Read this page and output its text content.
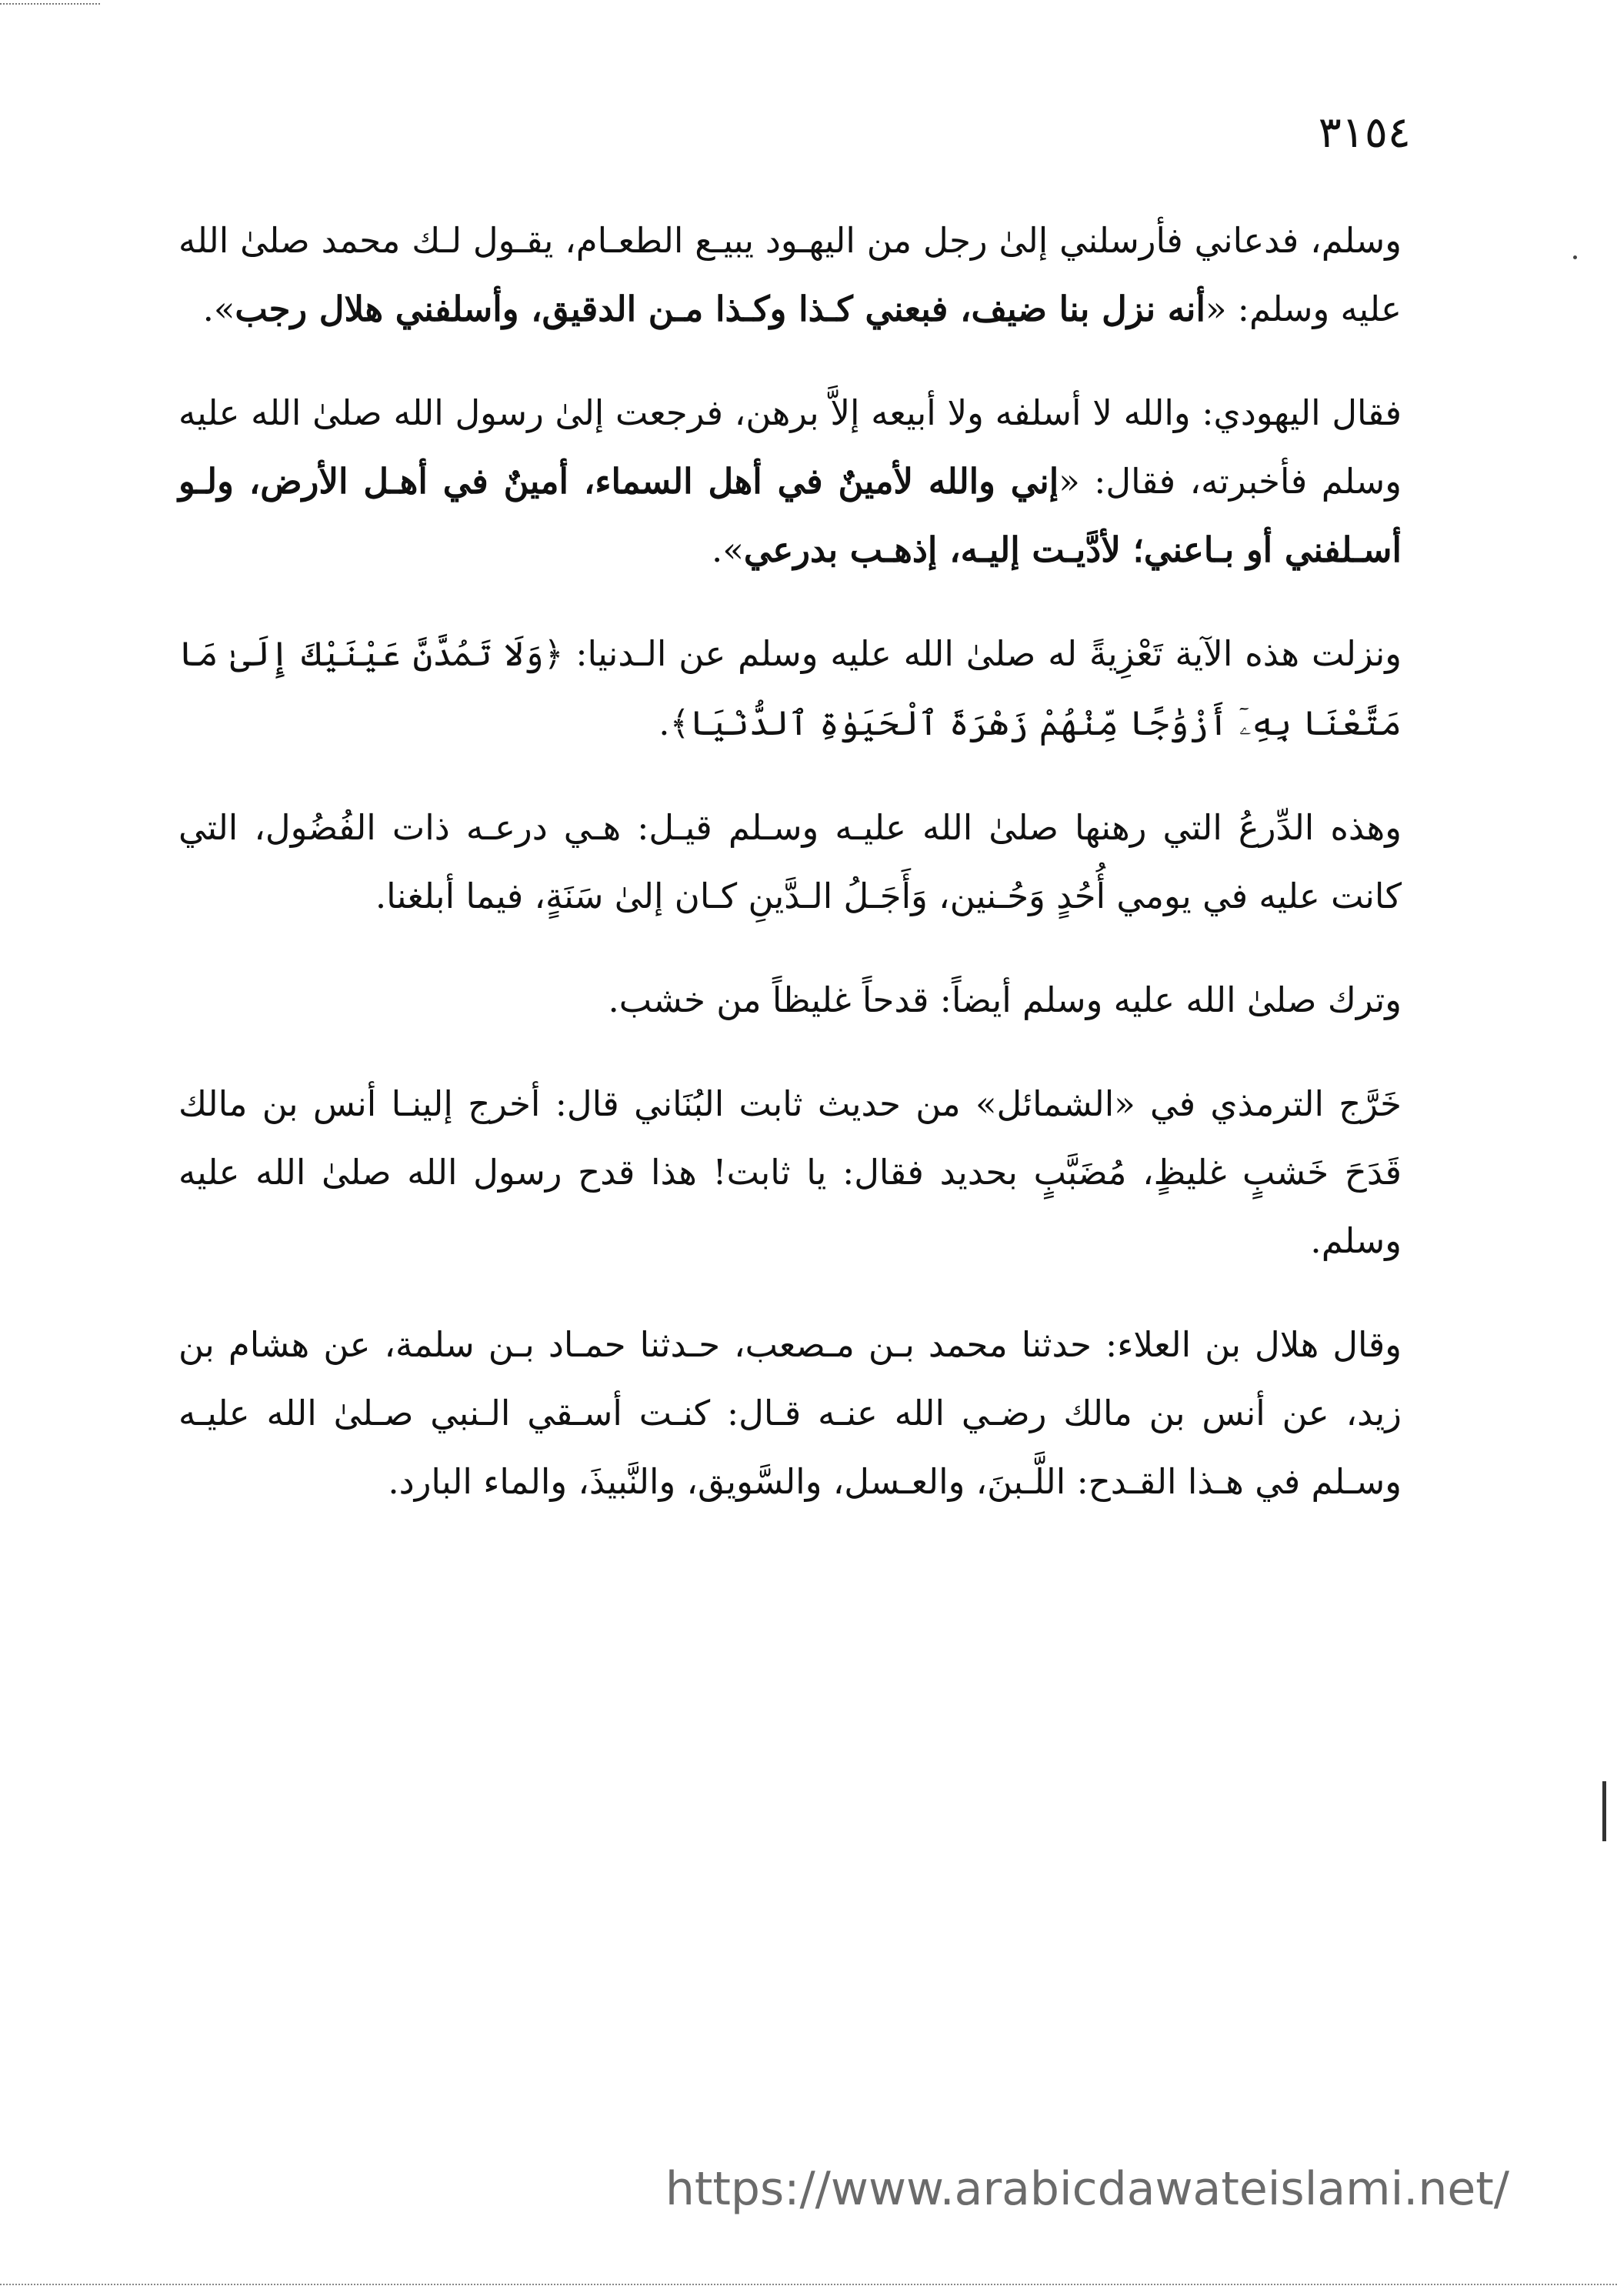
٣١٥٤

وسلم، فدعاني فأرسلني إلىٰ رجل من اليهـود يبيـع الطعـام، يقـول لـك محمد صلىٰ الله عليه وسلم: «أنه نزل بنا ضيف، فبعني كـذا وكـذا مـن الدقيق، وأسلفني هلال رجب».

فقال اليهودي: والله لا أسلفه ولا أبيعه إلاَّ برهن، فرجعت إلىٰ رسول الله صلىٰ الله عليه وسلم فأخبرته، فقال: «إني والله لأمينٌ في أهل السماء، أمينٌ في أهـل الأرض، ولـو أسـلفني أو بـاعني؛ لأدَّيـت إليـه، إذهـب بدرعي».

ونزلت هذه الآية تَعْزِيةً له صلىٰ الله عليه وسلم عن الـدنيا: ﴿وَلَا تَمُدَّنَّ عَيْنَيْكَ إِلَىٰ مَا مَتَّعْنَا بِهِۦٓ أَزْوَٰجًا مِّنْهُمْ زَهْرَةَ ٱلْحَيَوٰةِ ٱلدُّنْيَا﴾.

وهذه الدِّرعُ التي رهنها صلىٰ الله عليـه وسـلم قيـل: هـي درعـه ذات الفُضُول، التي كانت عليه في يومي أُحُدٍ وَحُـنين، وَأَجَـلُ الـدَّينِ كـان إلىٰ سَنَةٍ، فيما أبلغنا.

وترك صلىٰ الله عليه وسلم أيضاً: قدحاً غليظاً من خشب.

خَرَّج الترمذي في «الشمائل» من حديث ثابت البُنَاني قال: أخرج إلينـا أنس بن مالك قَدَحَ خَشبٍ غليظٍ، مُضَبَّبٍ بحديد فقال: يا ثابت! هذا قدح رسول الله صلىٰ الله عليه وسلم.

وقال هلال بن العلاء: حدثنا محمد بـن مـصعب، حـدثنا حمـاد بـن سلمة، عن هشام بن زيد، عن أنس بن مالك رضـي الله عنـه قـال: كنـت أسـقي الـنبي صـلىٰ الله عليـه وسـلم في هـذا القـدح: اللَّـبنَ، والعـسل، والسَّويق، والنَّبيذَ، والماء البارد.

https://www.arabicdawateislami.net/
